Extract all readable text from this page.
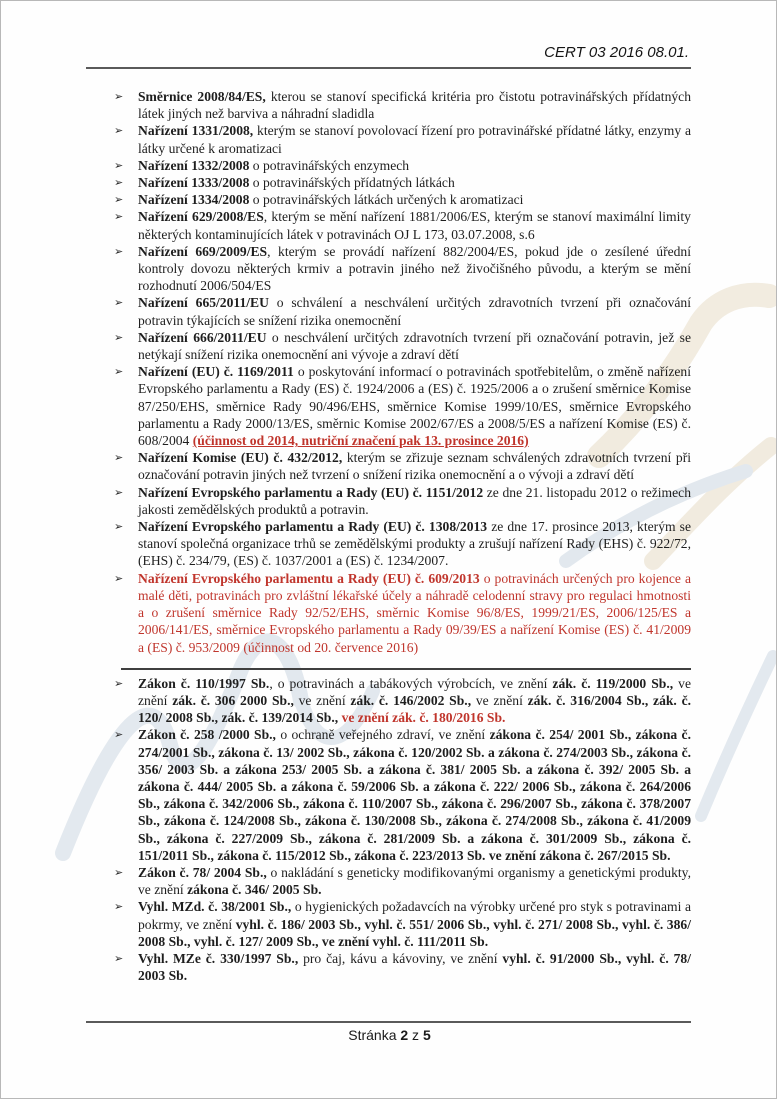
CERT 03 2016 08.01.
➢ Směrnice 2008/84/ES, kterou se stanoví specifická kritéria pro čistotu potravinářských přídatných látek jiných než barviva a náhradní sladidla
➢ Nařízení 1331/2008, kterým se stanoví povolovací řízení pro potravinářské přídatné látky, enzymy a látky určené k aromatizaci
➢ Nařízení 1332/2008 o potravinářských enzymech
➢ Nařízení 1333/2008 o potravinářských přídatných látkách
➢ Nařízení 1334/2008 o potravinářských látkách určených k aromatizaci
➢ Nařízení 629/2008/ES, kterým se mění nařízení 1881/2006/ES, kterým se stanoví maximální limity některých kontaminujících látek v potravinách OJ L 173, 03.07.2008, s.6
➢ Nařízení 669/2009/ES, kterým se provádí nařízení 882/2004/ES, pokud jde o zesílené úřední kontroly dovozu některých krmiv a potravin jiného než živočišného původu, a kterým se mění rozhodnutí 2006/504/ES
➢ Nařízení 665/2011/EU o schválení a neschválení určitých zdravotních tvrzení při označování potravin týkajících se snížení rizika onemocnění
➢ Nařízení 666/2011/EU o neschválení určitých zdravotních tvrzení při označování potravin, jež se netýkají snížení rizika onemocnění ani vývoje a zdraví dětí
➢ Nařízení (EU) č. 1169/2011 o poskytování informací o potravinách spotřebitelům, o změně nařízení Evropského parlamentu a Rady (ES) č. 1924/2006 a (ES) č. 1925/2006 a o zrušení směrnice Komise 87/250/EHS, směrnice Rady 90/496/EHS, směrnice Komise 1999/10/ES, směrnice Evropského parlamentu a Rady 2000/13/ES, směrnic Komise 2002/67/ES a 2008/5/ES a nařízení Komise (ES) č. 608/2004 (účinnost od 2014, nutriční značení pak 13. prosince 2016)
➢ Nařízení Komise (EU) č. 432/2012, kterým se zřizuje seznam schválených zdravotních tvrzení při označování potravin jiných než tvrzení o snížení rizika onemocnění a o vývoji a zdraví dětí
➢ Nařízení Evropského parlamentu a Rady (EU) č. 1151/2012 ze dne 21. listopadu 2012 o režimech jakosti zemědělských produktů a potravin.
➢ Nařízení Evropského parlamentu a Rady (EU) č. 1308/2013 ze dne 17. prosince 2013, kterým se stanoví společná organizace trhů se zemědělskými produkty a zrušují nařízení Rady (EHS) č. 922/72, (EHS) č. 234/79, (ES) č. 1037/2001 a (ES) č. 1234/2007.
➢ Nařízení Evropského parlamentu a Rady (EU) č. 609/2013 o potravinách určených pro kojence a malé děti, potravinách pro zvláštní lékařské účely a náhradě celodenní stravy pro regulaci hmotnosti a o zrušení směrnice Rady 92/52/EHS, směrnic Komise 96/8/ES, 1999/21/ES, 2006/125/ES a 2006/141/ES, směrnice Evropského parlamentu a Rady 09/39/ES a nařízení Komise (ES) č. 41/2009 a (ES) č. 953/2009 (účinnost od 20. července 2016)
➢ Zákon č. 110/1997 Sb., o potravinách a tabákových výrobcích, ve znění zák. č. 119/2000 Sb., ve znění zák. č. 306 2000 Sb., ve znění zák. č. 146/2002 Sb., ve znění zák. č. 316/2004 Sb., zák. č. 120/ 2008 Sb., zák. č. 139/2014 Sb., ve znění zák. č. 180/2016 Sb.
➢ Zákon č. 258 /2000 Sb., o ochraně veřejného zdraví, ve znění zákona č. 254/ 2001 Sb., zákona č. 274/2001 Sb., zákona č. 13/ 2002 Sb., zákona č. 120/2002 Sb. a zákona č. 274/2003 Sb., zákona č. 356/ 2003 Sb. a zákona 253/ 2005 Sb. a zákona č. 381/ 2005 Sb. a zákona č. 392/ 2005 Sb. a zákona č. 444/ 2005 Sb. a zákona č. 59/2006 Sb. a zákona č. 222/ 2006 Sb., zákona č. 264/2006 Sb., zákona č. 342/2006 Sb., zákona č. 110/2007 Sb., zákona č. 296/2007 Sb., zákona č. 378/2007 Sb., zákona č. 124/2008 Sb., zákona č. 130/2008 Sb., zákona č. 274/2008 Sb., zákona č. 41/2009 Sb., zákona č. 227/2009 Sb., zákona č. 281/2009 Sb. a zákona č. 301/2009 Sb., zákona č. 151/2011 Sb., zákona č. 115/2012 Sb., zákona č. 223/2013 Sb. ve znění zákona č. 267/2015 Sb.
➢ Zákon č. 78/ 2004 Sb., o nakládání s geneticky modifikovanými organismy a genetickými produkty, ve znění zákona č. 346/ 2005 Sb.
➢ Vyhl. MZd. č. 38/2001 Sb., o hygienických požadavcích na výrobky určené pro styk s potravinami a pokrmy, ve znění vyhl. č. 186/ 2003 Sb., vyhl. č. 551/ 2006 Sb., vyhl. č. 271/ 2008 Sb., vyhl. č. 386/ 2008 Sb., vyhl. č. 127/ 2009 Sb., ve znění vyhl. č. 111/2011 Sb.
➢ Vyhl. MZe č. 330/1997 Sb., pro čaj, kávu a kávoviny, ve znění vyhl. č. 91/2000 Sb., vyhl. č. 78/ 2003 Sb.
Stránka 2 z 5
